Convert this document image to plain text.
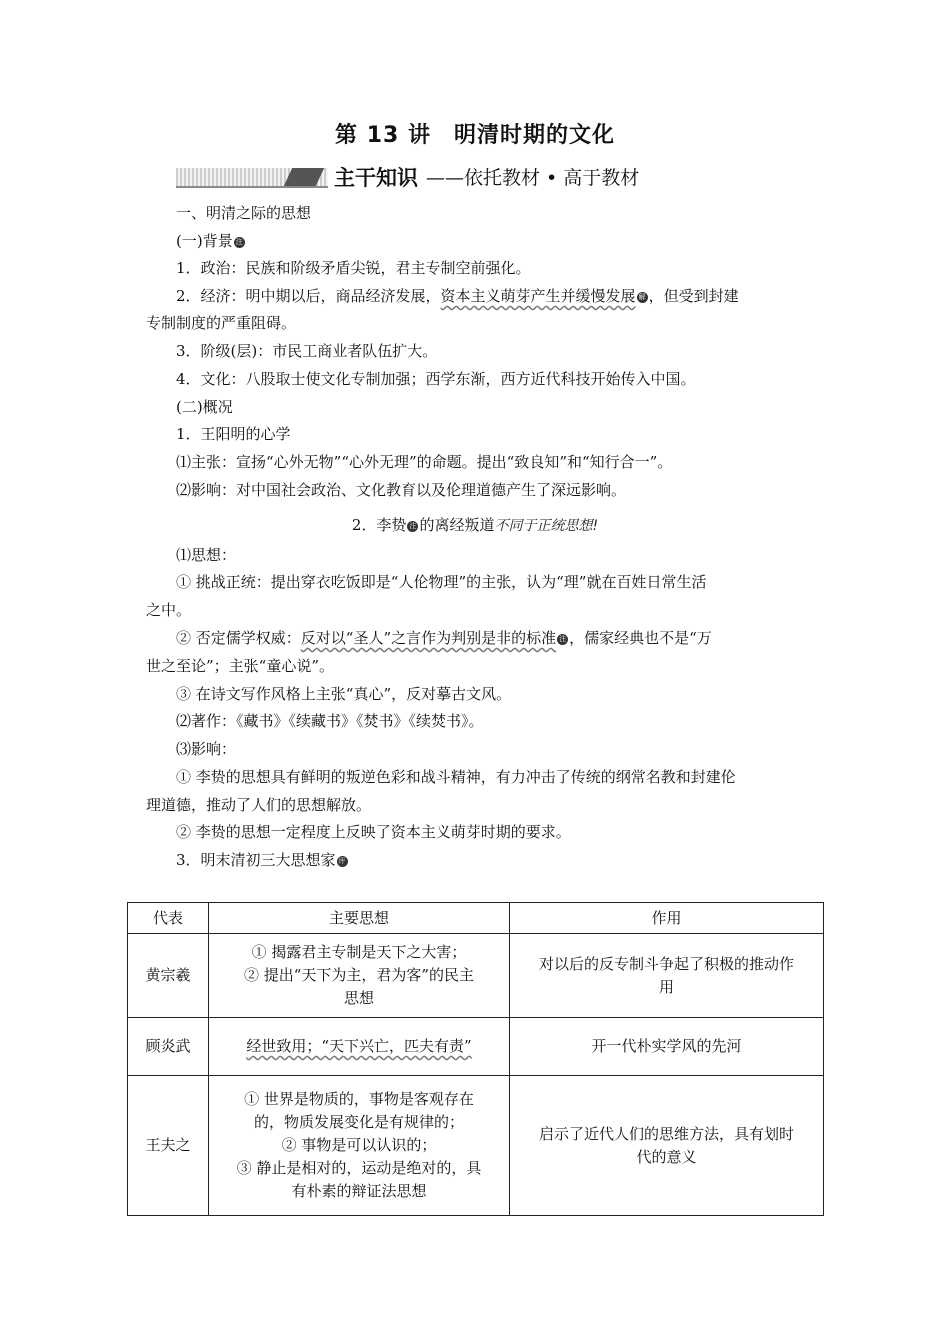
第 13 讲　明清时期的文化
主干知识 ——依托教材 • 高于教材
一、明清之际的思想
(一)背景 注
1．政治：民族和阶级矛盾尖锐，君主专制空前强化。
2．经济：明中期以后，商品经济发展，资本主义萌芽产生并缓慢发展 解 ，但受到封建
专制制度的严重阻碍。
3．阶级(层)：市民工商业者队伍扩大。
4．文化：八股取士使文化专制加强；西学东渐，西方近代科技开始传入中国。
(二)概况
1．王阳明的心学
⑴主张：宣扬“心外无物”“心外无理”的命题。提出“致良知”和“知行合一”。
⑵影响：对中国社会政治、文化教育以及伦理道德产生了深远影响。
2．李贽 注 的离经叛道不同于正统思想!
⑴思想：
① 挑战正统：提出穿衣吃饭即是“人伦物理”的主张，认为“理”就在百姓日常生活
之中。
② 否定儒学权威：反对以“圣人”之言作为判别是非的标准 注 ，儒家经典也不是“万
世之至论”；主张“童心说”。
③ 在诗文写作风格上主张“真心”，反对摹古文风。
⑵著作：《藏书》《续藏书》《焚书》《续焚书》。
⑶影响：
① 李贽的思想具有鲜明的叛逆色彩和战斗精神，有力冲击了传统的纲常名教和封建伦
理道德，推动了人们的思想解放。
② 李贽的思想一定程度上反映了资本主义萌芽时期的要求。
3．明末清初三大思想家 评
代表	主要思想	作用
黄宗羲	① 揭露君主专制是天下之大害；
② 提出“天下为主，君为客”的民主
思想	对以后的反专制斗争起了积极的推动作
用

顾炎武	经世致用；“天下兴亡，匹夫有责”	开一代朴实学风的先河

王夫之	① 世界是物质的，事物是客观存在
的，物质发展变化是有规律的；
② 事物是可以认识的；
③ 静止是相对的，运动是绝对的，具
有朴素的辩证法思想	启示了近代人们的思维方法，具有划时
代的意义
